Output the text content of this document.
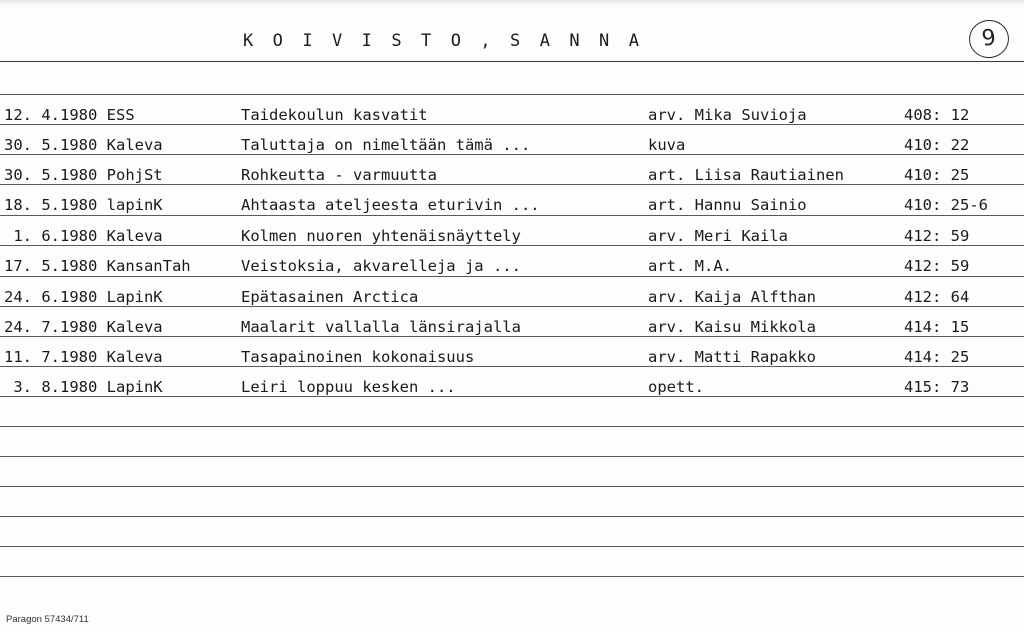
K O I V I S T O , S A N N A	9
12. 4.1980 ESS	Taidekoulun kasvatit	arv. Mika Suvioja	408: 12
30. 5.1980 Kaleva	Taluttaja on nimeltään tämä ...	kuva	410: 22
30. 5.1980 PohjSt	Rohkeutta - varmuutta	art. Liisa Rautiainen	410: 25
18. 5.1980 lapinK	Ahtaasta ateljeesta eturivin ...	art. Hannu Sainio	410: 25-6
1. 6.1980 Kaleva	Kolmen nuoren yhtenäisnäyttely	arv. Meri Kaila	412: 59
17. 5.1980 KansanTah	Veistoksia, akvarelleja ja ...	art. M.A.	412: 59
24. 6.1980 LapinK	Epätasainen Arctica	arv. Kaija Alfthan	412: 64
24. 7.1980 Kaleva	Maalarit vallalla länsirajalla	arv. Kaisu Mikkola	414: 15
11. 7.1980 Kaleva	Tasapainoinen kokonaisuus	arv. Matti Rapakko	414: 25
3. 8.1980 LapinK	Leiri loppuu kesken ...	opett.	415: 73
Paragon 57434/711
